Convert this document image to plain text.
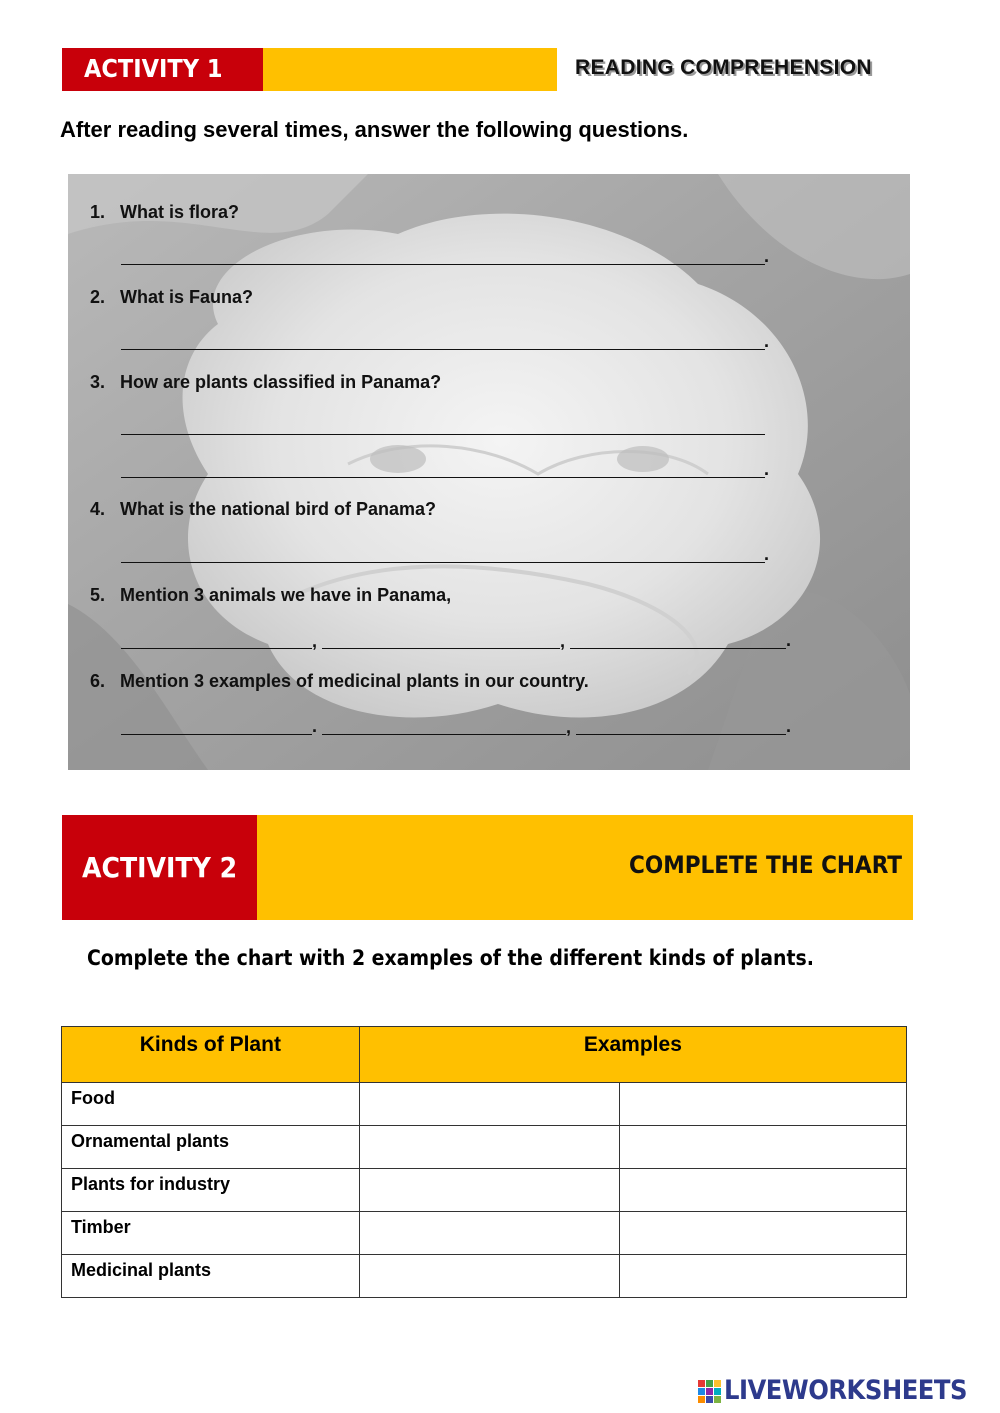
ACTIVITY 1	READING COMPREHENSION
After reading several times, answer the following questions.
1. What is flora?
.
2. What is Fauna?
.
3. How are plants classified in Panama?
.
4. What is the national bird of Panama?
.
5. Mention 3 animals we have in Panama,
,	,	.
6. Mention 3 examples of medicinal plants in our country.
.	,	.
ACTIVITY 2	COMPLETE THE CHART
Complete the chart with 2 examples of the different kinds of plants.
Kinds of Plant	Examples	
Food		
Ornamental plants		
Plants for industry		
Timber		
Medicinal plants		
LIVEWORKSHEETS
